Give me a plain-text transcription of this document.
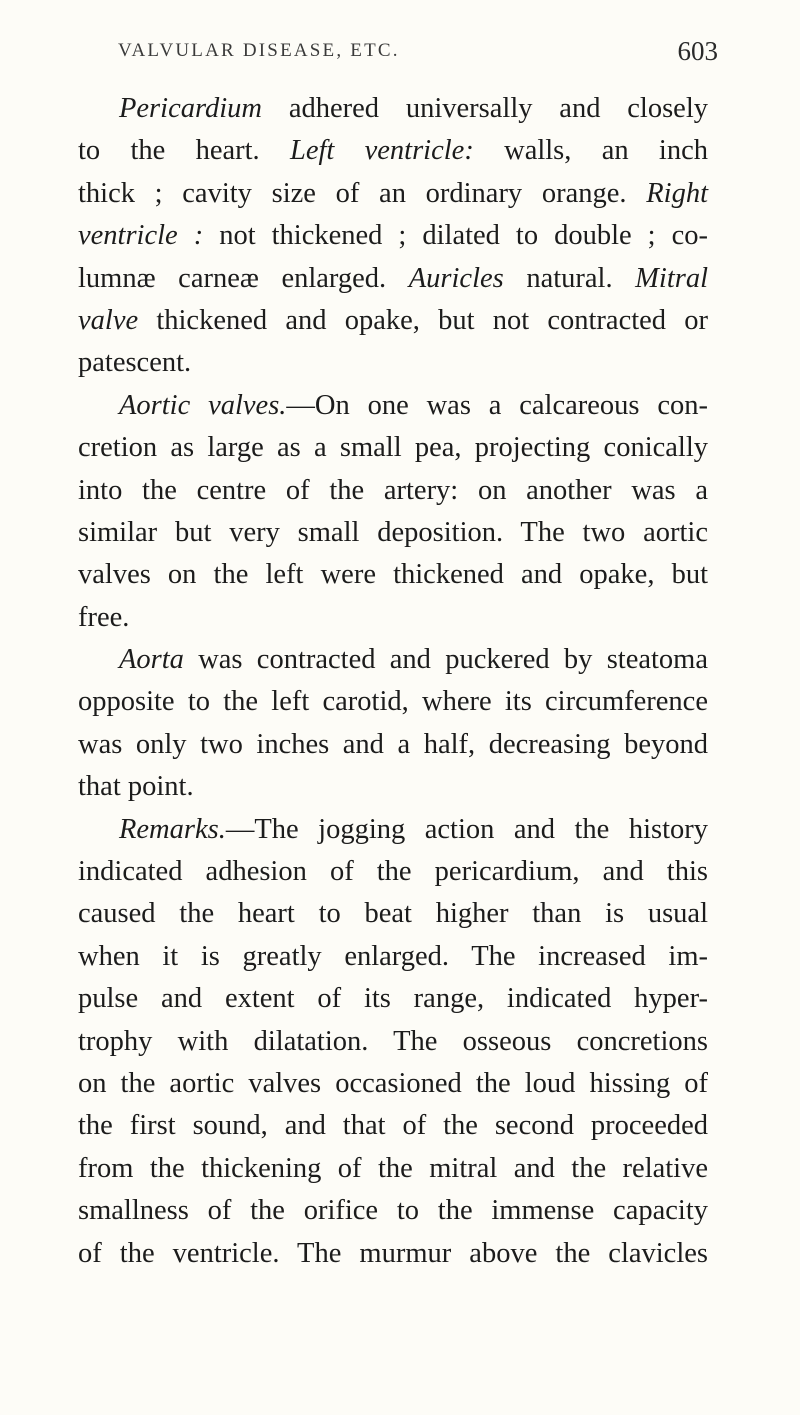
VALVULAR DISEASE, ETC.	603
Pericardium adhered universally and closely
to the heart. Left ventricle: walls, an inch
thick ; cavity size of an ordinary orange. Right
ventricle : not thickened ; dilated to double ; co-
lumnæ carneæ enlarged. Auricles natural. Mitral
valve thickened and opake, but not contracted or
patescent.
Aortic valves.—On one was a calcareous con-
cretion as large as a small pea, projecting conically
into the centre of the artery: on another was a
similar but very small deposition. The two aortic
valves on the left were thickened and opake, but
free.
Aorta was contracted and puckered by steatoma
opposite to the left carotid, where its circumference
was only two inches and a half, decreasing beyond
that point.
Remarks.—The jogging action and the history
indicated adhesion of the pericardium, and this
caused the heart to beat higher than is usual
when it is greatly enlarged. The increased im-
pulse and extent of its range, indicated hyper-
trophy with dilatation. The osseous concretions
on the aortic valves occasioned the loud hissing of
the first sound, and that of the second proceeded
from the thickening of the mitral and the relative
smallness of the orifice to the immense capacity
of the ventricle. The murmur above the clavicles
